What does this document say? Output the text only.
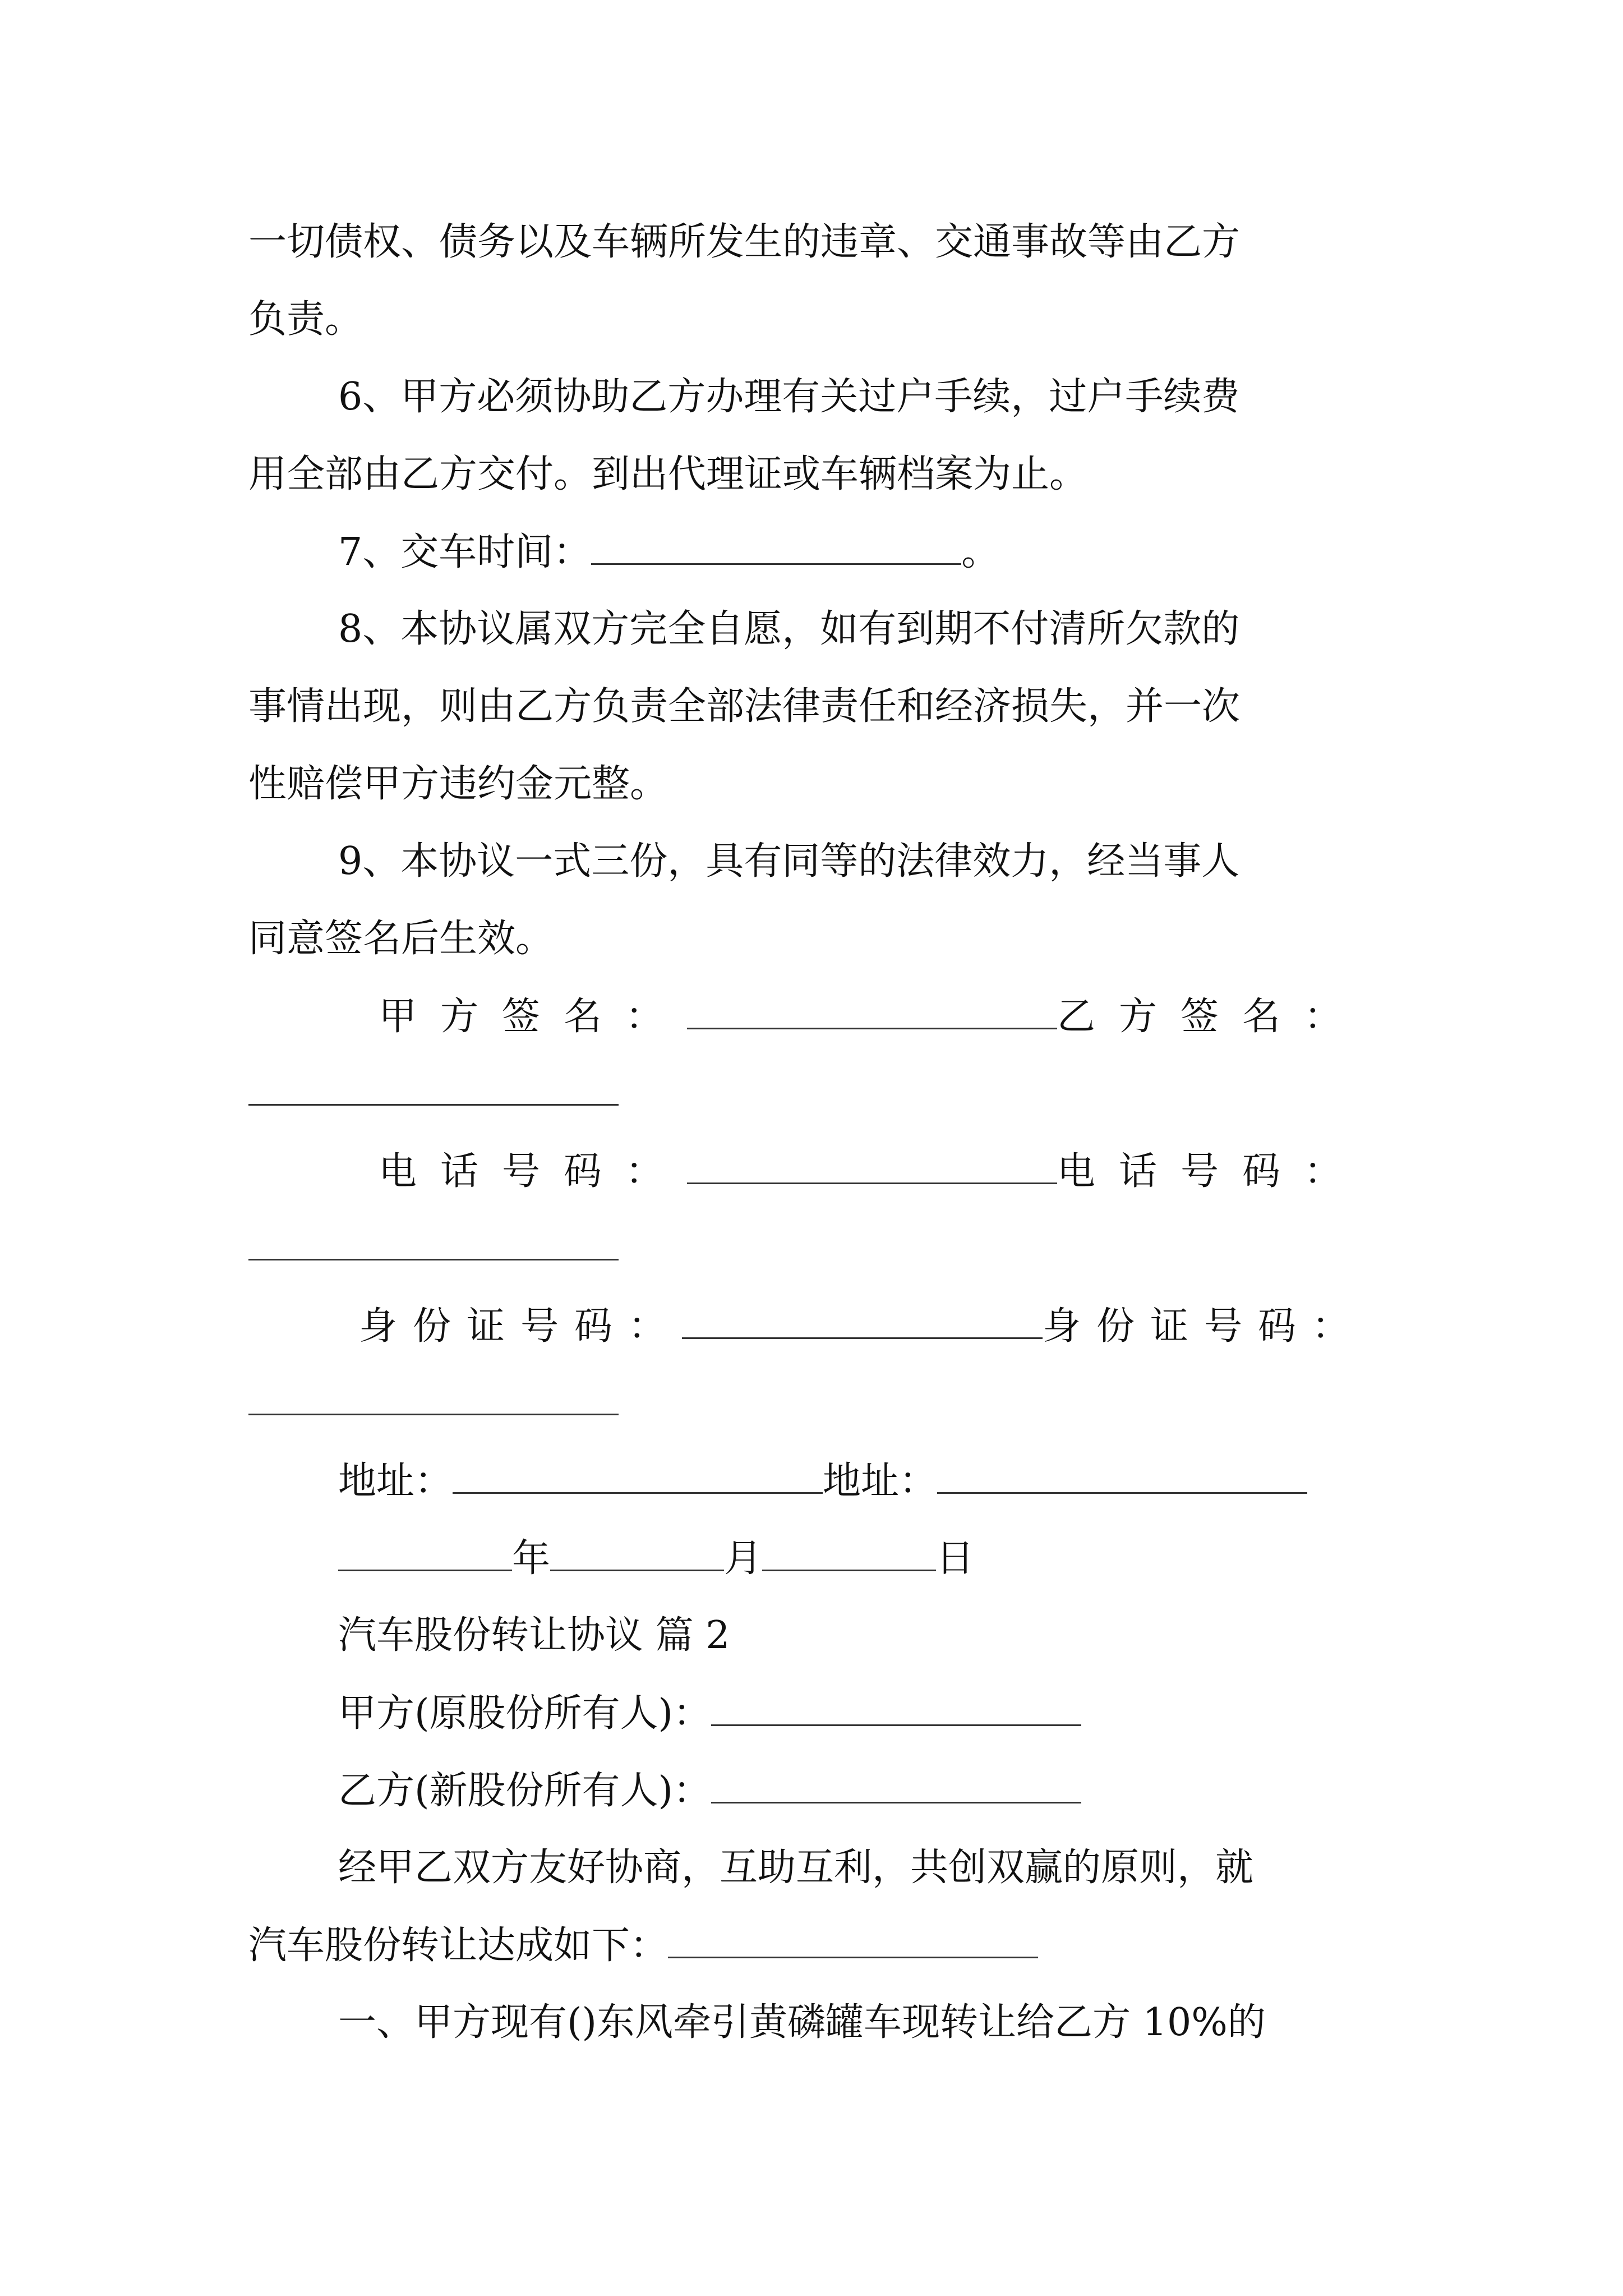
一切债权、债务以及车辆所发生的违章、交通事故等由乙方
负责。
6、甲方必须协助乙方办理有关过户手续，过户手续费
用全部由乙方交付。到出代理证或车辆档案为止。
7、交车时间：	。
8、本协议属双方完全自愿，如有到期不付清所欠款的
事情出现，则由乙方负责全部法律责任和经济损失，并一次
性赔偿甲方违约金元整。
9、本协议一式三份，具有同等的法律效力，经当事人
同意签名后生效。
甲方签名：	乙方签名：
电话号码：	电话号码：
身份证号码：	身份证号码：
地址：	地址：
年	月	日
汽车股份转让协议 篇 2
甲方(原股份所有人)：
乙方(新股份所有人)：
经甲乙双方友好协商，互助互利，共创双赢的原则，就
汽车股份转让达成如下：
一、甲方现有()东风牵引黄磷罐车现转让给乙方 10%的
